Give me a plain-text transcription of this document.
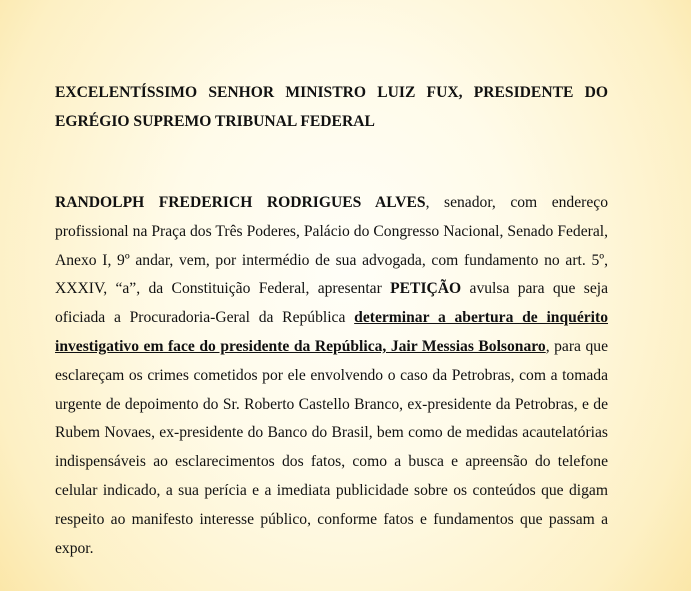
EXCELENTÍSSIMO SENHOR MINISTRO LUIZ FUX, PRESIDENTE DO EGRÉGIO SUPREMO TRIBUNAL FEDERAL
RANDOLPH FREDERICH RODRIGUES ALVES, senador, com endereço profissional na Praça dos Três Poderes, Palácio do Congresso Nacional, Senado Federal, Anexo I, 9º andar, vem, por intermédio de sua advogada, com fundamento no art. 5º, XXXIV, “a”, da Constituição Federal, apresentar PETIÇÃO avulsa para que seja oficiada a Procuradoria-Geral da República determinar a abertura de inquérito investigativo em face do presidente da República, Jair Messias Bolsonaro, para que esclareçam os crimes cometidos por ele envolvendo o caso da Petrobras, com a tomada urgente de depoimento do Sr. Roberto Castello Branco, ex-presidente da Petrobras, e de Rubem Novaes, ex-presidente do Banco do Brasil, bem como de medidas acautelatórias indispensáveis ao esclarecimentos dos fatos, como a busca e apreensão do telefone celular indicado, a sua perícia e a imediata publicidade sobre os conteúdos que digam respeito ao manifesto interesse público, conforme fatos e fundamentos que passam a expor.
